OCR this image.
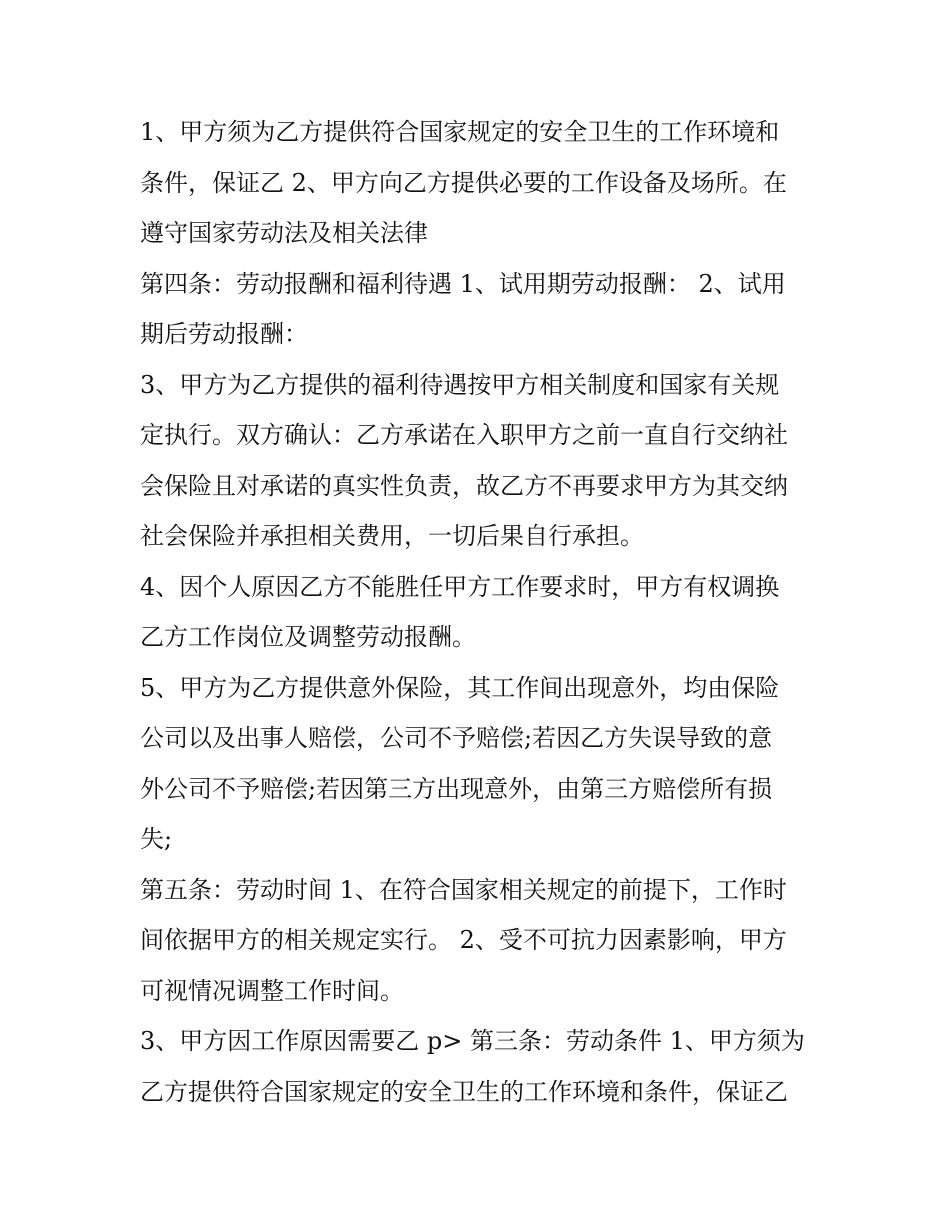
1、甲方须为乙方提供符合国家规定的安全卫生的工作环境和
条件，保证乙 2、甲方向乙方提供必要的工作设备及场所。在
遵守国家劳动法及相关法律

第四条：劳动报酬和福利待遇 1、试用期劳动报酬： 2、试用
期后劳动报酬：

3、甲方为乙方提供的福利待遇按甲方相关制度和国家有关规
定执行。双方确认：乙方承诺在入职甲方之前一直自行交纳社
会保险且对承诺的真实性负责，故乙方不再要求甲方为其交纳
社会保险并承担相关费用，一切后果自行承担。

4、因个人原因乙方不能胜任甲方工作要求时，甲方有权调换
乙方工作岗位及调整劳动报酬。

5、甲方为乙方提供意外保险，其工作间出现意外，均由保险
公司以及出事人赔偿，公司不予赔偿;若因乙方失误导致的意
外公司不予赔偿;若因第三方出现意外，由第三方赔偿所有损
失;

第五条：劳动时间 1、在符合国家相关规定的前提下，工作时
间依据甲方的相关规定实行。 2、受不可抗力因素影响，甲方
可视情况调整工作时间。

3、甲方因工作原因需要乙 p> 第三条：劳动条件 1、甲方须为
乙方提供符合国家规定的安全卫生的工作环境和条件，保证乙
